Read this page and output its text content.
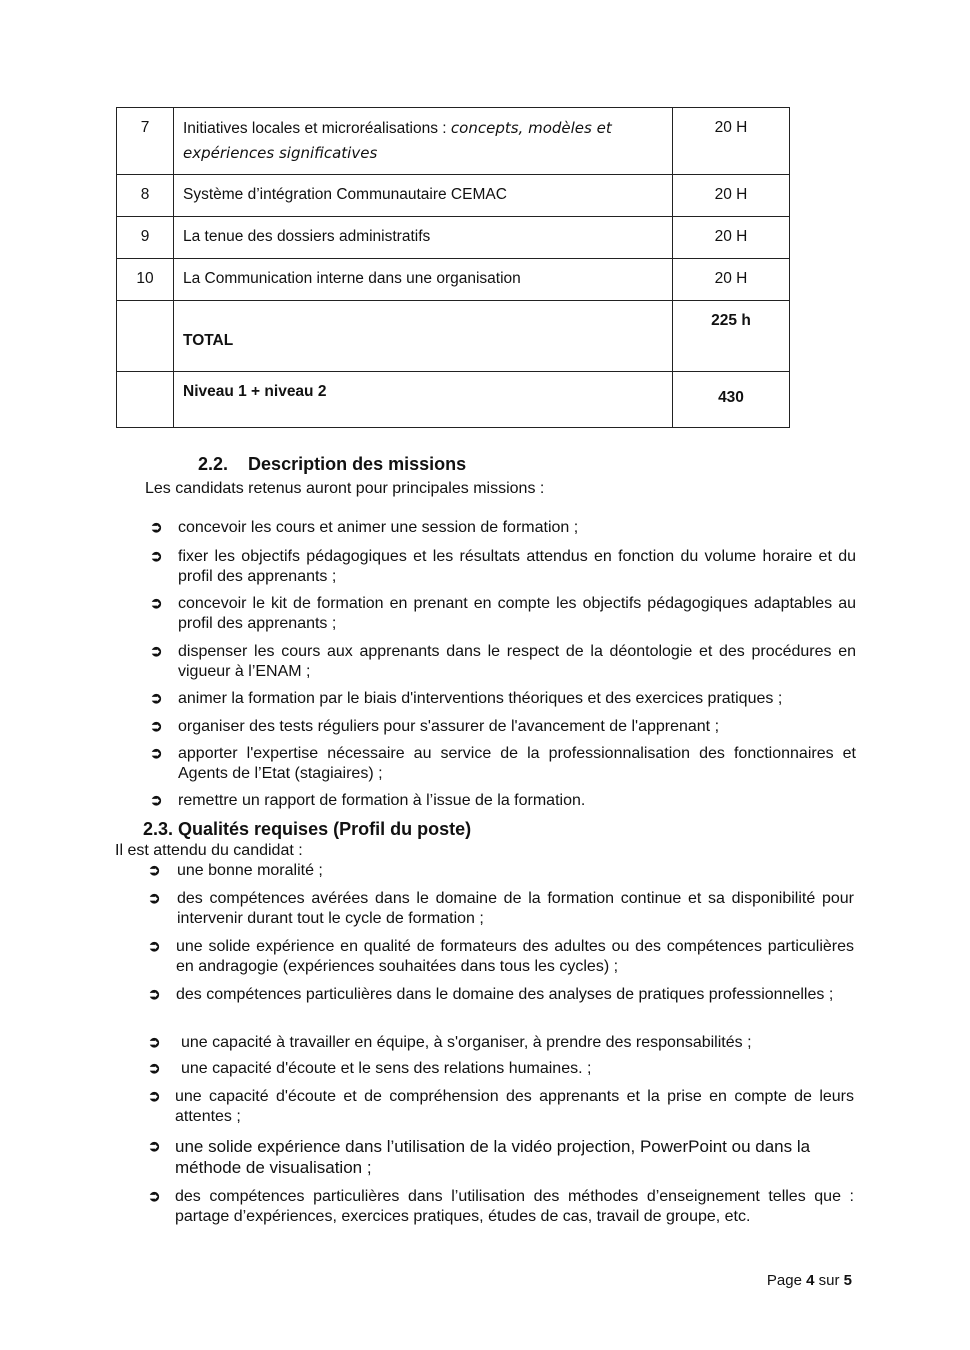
7	Initiatives locales et microréalisations : concepts, modèles et expériences significatives	20 H
8	Système d’intégration Communautaire CEMAC	20 H
9	La tenue des dossiers administratifs	20 H
10	La Communication interne dans une organisation	20 H

	TOTAL	225 h
	Niveau 1 + niveau 2	430
2.2. Description des missions
Les candidats retenus auront pour principales missions :
➲ concevoir les cours et animer une session de formation ;
➲ fixer les objectifs pédagogiques et les résultats attendus en fonction du volume horaire et du profil des apprenants ;
➲ concevoir le kit de formation en prenant en compte les objectifs pédagogiques adaptables au profil des apprenants ;
➲ dispenser les cours aux apprenants dans le respect de la déontologie et des procédures en vigueur à l’ENAM ;
➲ animer la formation par le biais d'interventions théoriques et des exercices pratiques ;
➲ organiser des tests réguliers pour s'assurer de l'avancement de l'apprenant ;
➲ apporter l'expertise nécessaire au service de la professionnalisation des fonctionnaires et Agents de l’Etat (stagiaires) ;
➲ remettre un rapport de formation à l’issue de la formation.
2.3. Qualités requises (Profil du poste)
Il est attendu du candidat :
➲ une bonne moralité ;
➲ des compétences avérées dans le domaine de la formation continue et sa disponibilité pour intervenir durant tout le cycle de formation ;
➲ une solide expérience en qualité de formateurs des adultes ou des compétences particulières en andragogie (expériences souhaitées dans tous les cycles) ;
➲ des compétences particulières dans le domaine des analyses de pratiques professionnelles ;
➲ une capacité à travailler en équipe, à s'organiser, à prendre des responsabilités ;
➲ une capacité d'écoute et le sens des relations humaines. ;
➲ une capacité d'écoute et de compréhension des apprenants et la prise en compte de leurs attentes ;
➲ une solide expérience dans l’utilisation de la vidéo projection, PowerPoint ou dans la méthode de visualisation ;
➲ des compétences particulières dans l’utilisation des méthodes d’enseignement telles que : partage d’expériences, exercices pratiques, études de cas, travail de groupe, etc.
Page 4 sur 5
